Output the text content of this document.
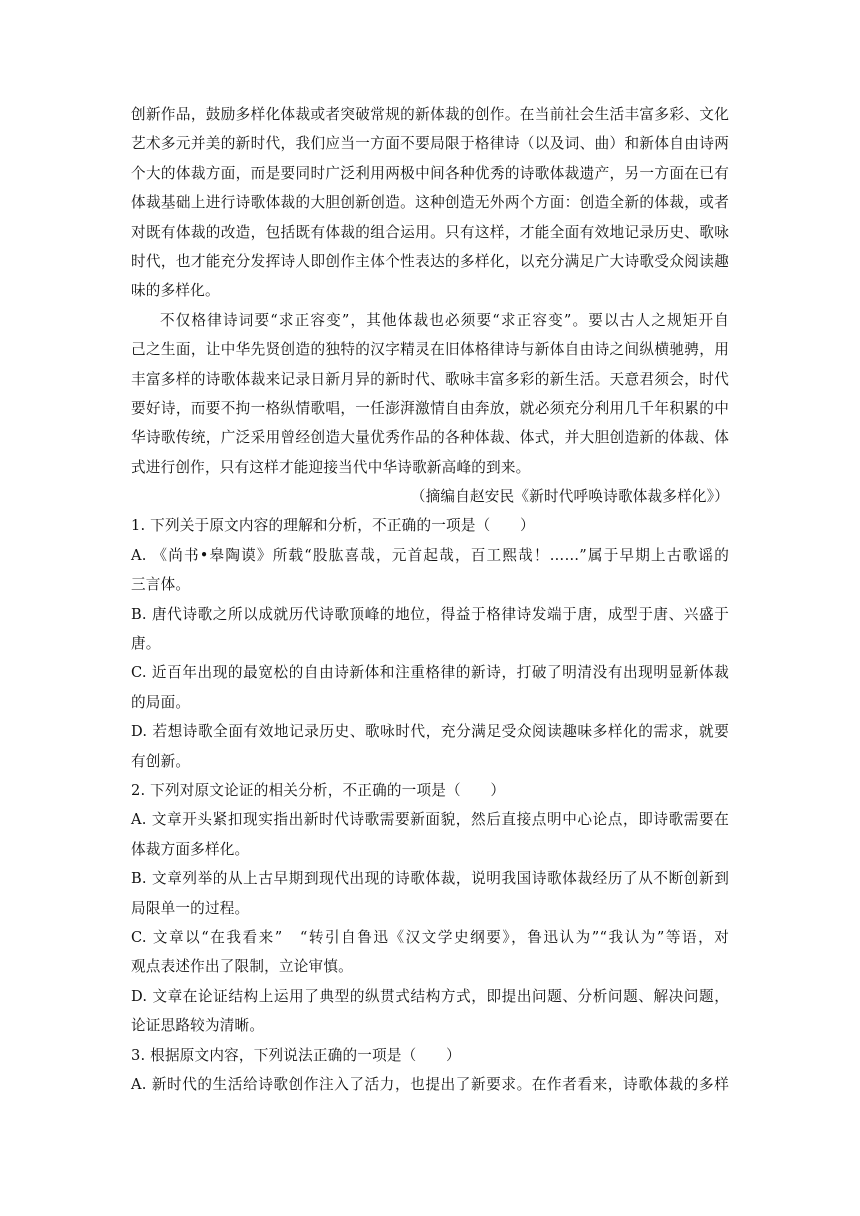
创新作品，鼓励多样化体裁或者突破常规的新体裁的创作。在当前社会生活丰富多彩、文化
艺术多元并美的新时代，我们应当一方面不要局限于格律诗（以及词、曲）和新体自由诗两
个大的体裁方面，而是要同时广泛利用两极中间各种优秀的诗歌体裁遗产，另一方面在已有
体裁基础上进行诗歌体裁的大胆创新创造。这种创造无外两个方面：创造全新的体裁，或者
对既有体裁的改造，包括既有体裁的组合运用。只有这样，才能全面有效地记录历史、歌咏
时代，也才能充分发挥诗人即创作主体个性表达的多样化，以充分满足广大诗歌受众阅读趣
味的多样化。
不仅格律诗词要“求正容变”，其他体裁也必须要“求正容变”。要以古人之规矩开自
己之生面，让中华先贤创造的独特的汉字精灵在旧体格律诗与新体自由诗之间纵横驰骋，用
丰富多样的诗歌体裁来记录日新月异的新时代、歌咏丰富多彩的新生活。天意君须会，时代
要好诗，而要不拘一格纵情歌唱，一任澎湃激情自由奔放，就必须充分利用几千年积累的中
华诗歌传统，广泛采用曾经创造大量优秀作品的各种体裁、体式，并大胆创造新的体裁、体
式进行创作，只有这样才能迎接当代中华诗歌新高峰的到来。
（摘编自赵安民《新时代呼唤诗歌体裁多样化》）
1. 下列关于原文内容的理解和分析，不正确的一项是（　　）
A. 《尚书•皋陶谟》所载“股肱喜哉，元首起哉，百工熙哉！……”属于早期上古歌谣的
三言体。
B. 唐代诗歌之所以成就历代诗歌顶峰的地位，得益于格律诗发端于唐，成型于唐、兴盛于
唐。
C. 近百年出现的最宽松的自由诗新体和注重格律的新诗，打破了明清没有出现明显新体裁
的局面。
D. 若想诗歌全面有效地记录历史、歌咏时代，充分满足受众阅读趣味多样化的需求，就要
有创新。
2. 下列对原文论证的相关分析，不正确的一项是（　　）
A. 文章开头紧扣现实指出新时代诗歌需要新面貌，然后直接点明中心论点，即诗歌需要在
体裁方面多样化。
B. 文章列举的从上古早期到现代出现的诗歌体裁，说明我国诗歌体裁经历了从不断创新到
局限单一的过程。
C. 文章以“在我看来”　“转引自鲁迅《汉文学史纲要》，鲁迅认为”“我认为”等语，对
观点表述作出了限制，立论审慎。
D. 文章在论证结构上运用了典型的纵贯式结构方式，即提出问题、分析问题、解决问题，
论证思路较为清晰。
3. 根据原文内容，下列说法正确的一项是（　　）
A. 新时代的生活给诗歌创作注入了活力，也提出了新要求。在作者看来，诗歌体裁的多样
